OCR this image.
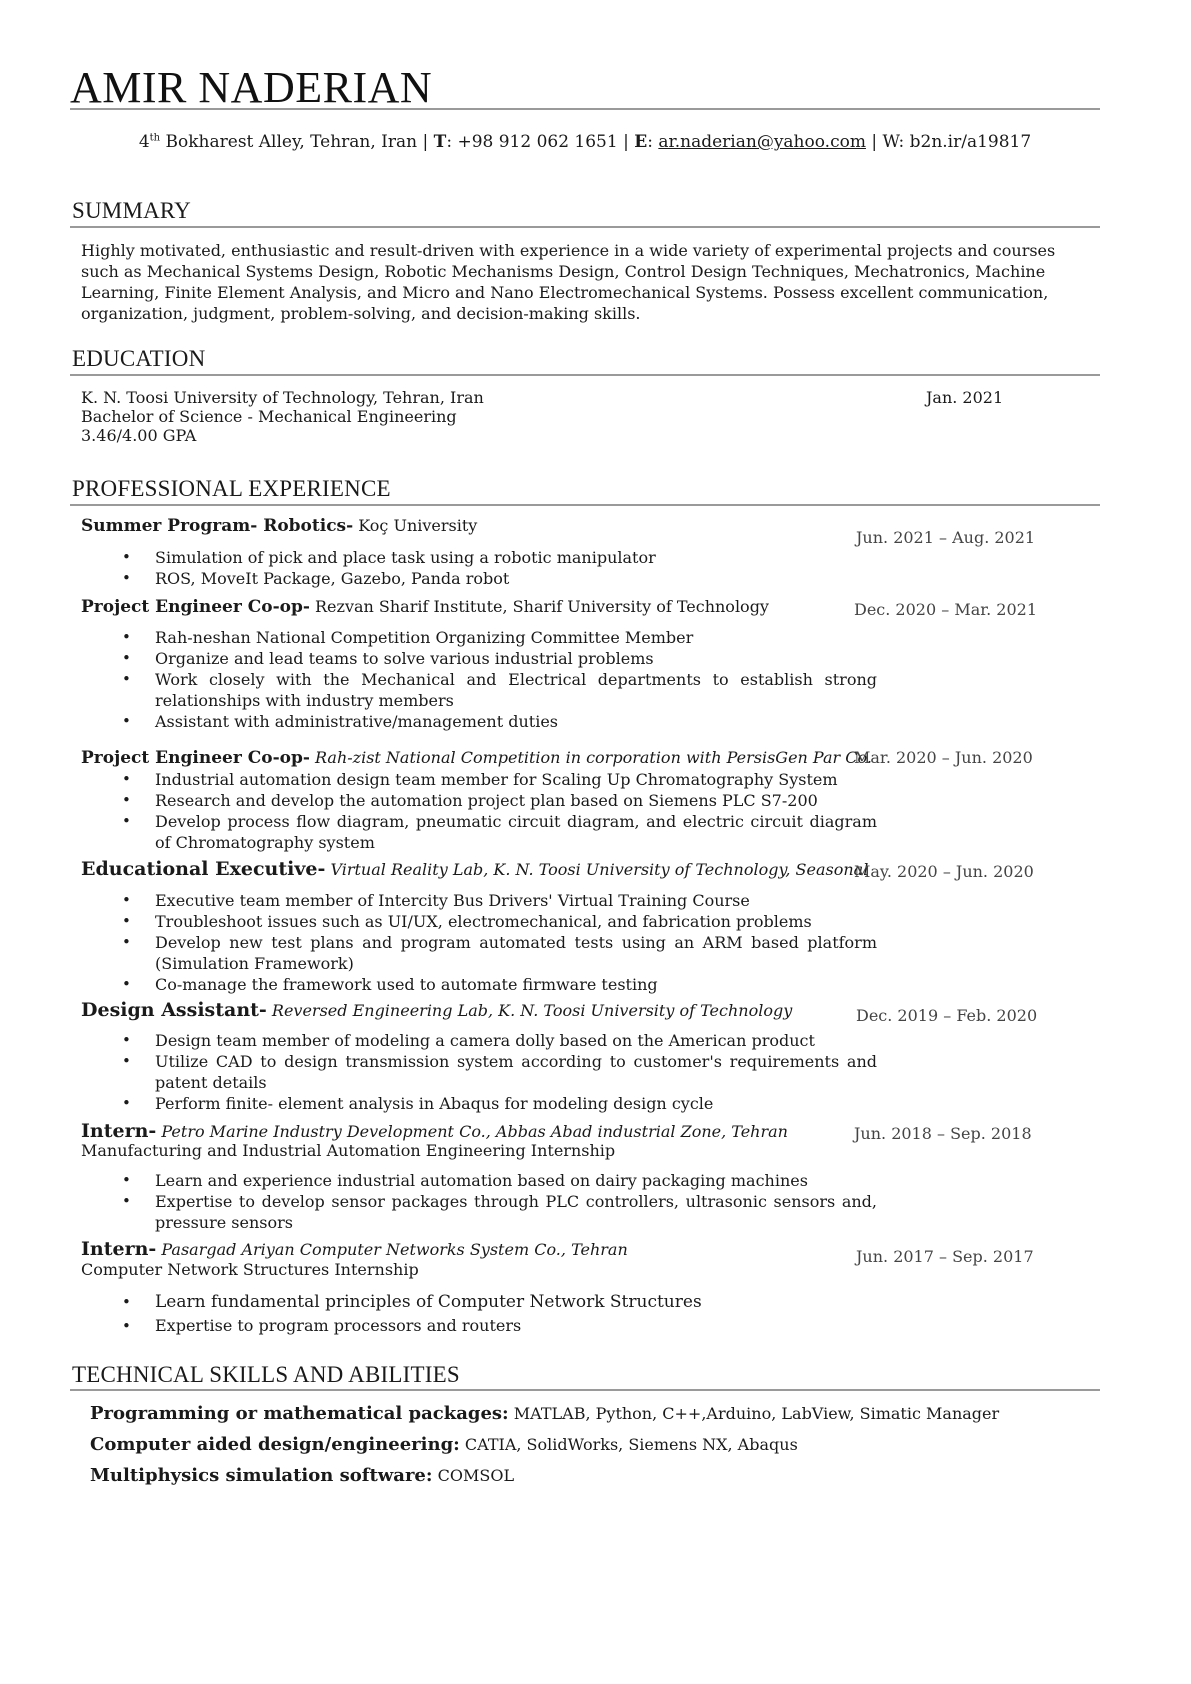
AMIR NADERIAN
4th Bokharest Alley, Tehran, Iran | T: +98 912 062 1651 | E: ar.naderian@yahoo.com | W: b2n.ir/a19817
SUMMARY
Highly motivated, enthusiastic and result-driven with experience in a wide variety of experimental projects and courses such as Mechanical Systems Design, Robotic Mechanisms Design, Control Design Techniques, Mechatronics, Machine Learning, Finite Element Analysis, and Micro and Nano Electromechanical Systems. Possess excellent communication, organization, judgment, problem-solving, and decision-making skills.
EDUCATION
K. N. Toosi University of Technology, Tehran, Iran
Bachelor of Science - Mechanical Engineering
3.46/4.00 GPA
Jan. 2021
PROFESSIONAL EXPERIENCE
Summer Program- Robotics- Koç University
Jun. 2021 – Aug. 2021
• Simulation of pick and place task using a robotic manipulator
• ROS, MoveIt Package, Gazebo, Panda robot
Project Engineer Co-op- Rezvan Sharif Institute, Sharif University of Technology	Dec. 2020 – Mar. 2021
• Rah-neshan National Competition Organizing Committee Member
• Organize and lead teams to solve various industrial problems
• Work closely with the Mechanical and Electrical departments to establish strong relationships with industry members
• Assistant with administrative/management duties
Project Engineer Co-op- Rah-zist National Competition in corporation with PersisGen Par Co.
Mar. 2020 – Jun. 2020
• Industrial automation design team member for Scaling Up Chromatography System
• Research and develop the automation project plan based on Siemens PLC S7-200
• Develop process flow diagram, pneumatic circuit diagram, and electric circuit diagram of Chromatography system
Educational Executive- Virtual Reality Lab, K. N. Toosi University of Technology, Seasonal
May. 2020 – Jun. 2020
• Executive team member of Intercity Bus Drivers' Virtual Training Course
• Troubleshoot issues such as UI/UX, electromechanical, and fabrication problems
• Develop new test plans and program automated tests using an ARM based platform (Simulation Framework)
• Co-manage the framework used to automate firmware testing
Design Assistant- Reversed Engineering Lab, K. N. Toosi University of Technology	Dec. 2019 – Feb. 2020
• Design team member of modeling a camera dolly based on the American product
• Utilize CAD to design transmission system according to customer's requirements and patent details
• Perform finite- element analysis in Abaqus for modeling design cycle
Intern- Petro Marine Industry Development Co., Abbas Abad industrial Zone, Tehran
Manufacturing and Industrial Automation Engineering Internship
Jun. 2018 – Sep. 2018
• Learn and experience industrial automation based on dairy packaging machines
• Expertise to develop sensor packages through PLC controllers, ultrasonic sensors and, pressure sensors
Intern- Pasargad Ariyan Computer Networks System Co., Tehran
Computer Network Structures Internship
Jun. 2017 – Sep. 2017
• Learn fundamental principles of Computer Network Structures
• Expertise to program processors and routers
TECHNICAL SKILLS AND ABILITIES
Programming or mathematical packages: MATLAB, Python, C++,Arduino, LabView, Simatic Manager
Computer aided design/engineering: CATIA, SolidWorks, Siemens NX, Abaqus
Multiphysics simulation software: COMSOL
